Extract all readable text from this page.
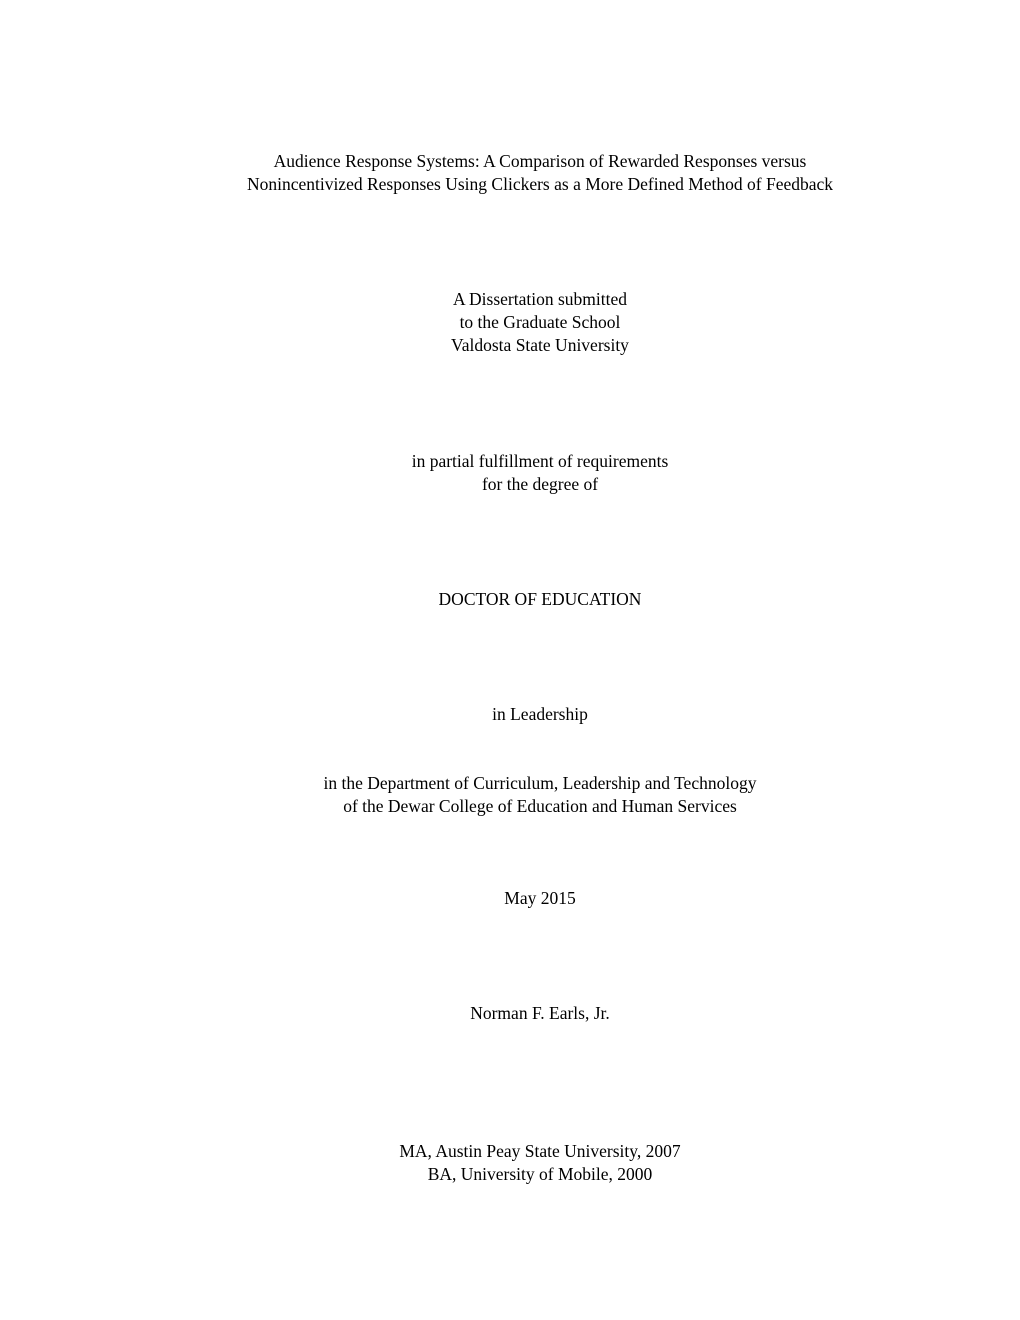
Audience Response Systems: A Comparison of Rewarded Responses versus
Nonincentivized Responses Using Clickers as a More Defined Method of Feedback
A Dissertation submitted
to the Graduate School
Valdosta State University
in partial fulfillment of requirements
for the degree of
DOCTOR OF EDUCATION
in Leadership
in the Department of Curriculum, Leadership and Technology
of the Dewar College of Education and Human Services
May 2015
Norman F. Earls, Jr.
MA, Austin Peay State University, 2007
BA, University of Mobile, 2000
